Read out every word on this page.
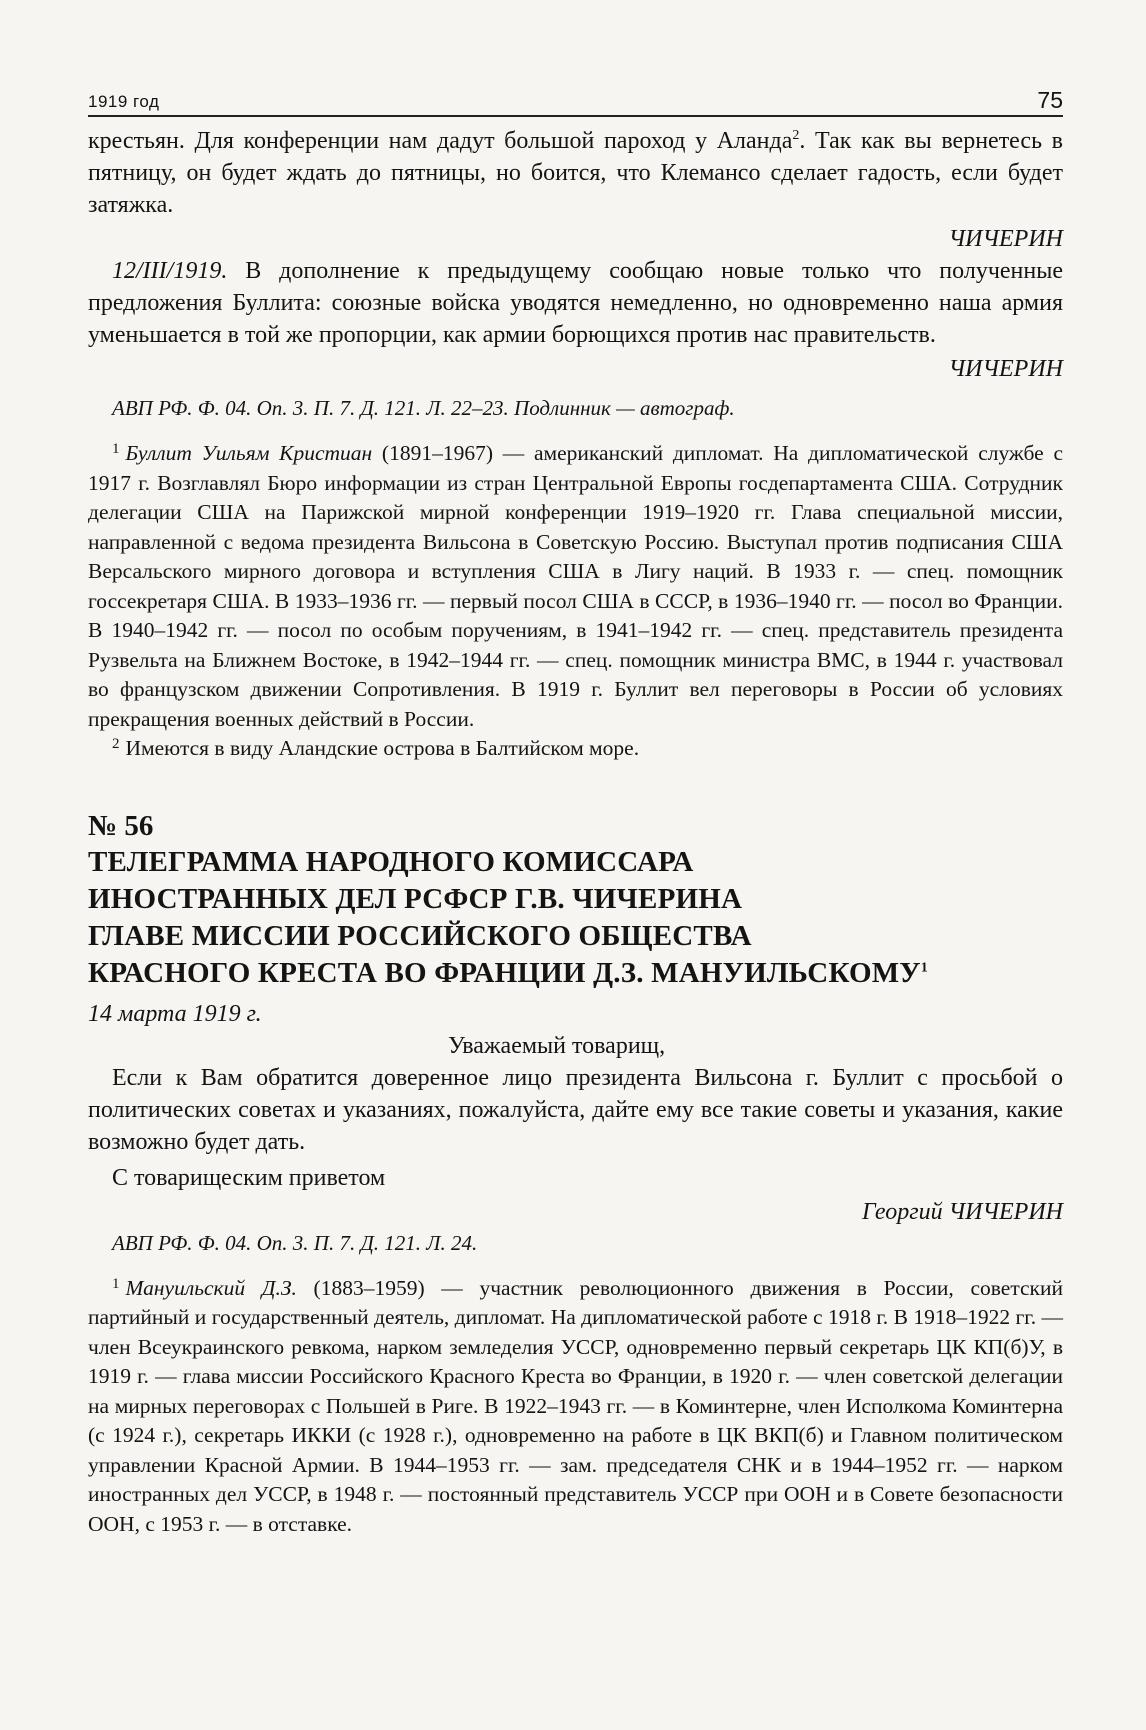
1919 год	75

крестьян. Для конференции нам дадут большой пароход у Аланда$^2$. Так как вы вернетесь в пятницу, он будет ждать до пятницы, но боится, что Клемансо сделает гадость, если будет затяжка.

ЧИЧЕРИН

12/III/1919. В дополнение к предыдущему сообщаю новые только что полученные предложения Буллита: союзные войска уводятся немедленно, но одновременно наша армия уменьшается в той же пропорции, как армии борющихся против нас правительств.

ЧИЧЕРИН

АВП РФ. Ф. 04. Оп. 3. П. 7. Д. 121. Л. 22–23. Подлинник — автограф.

$^1$ Буллит Уильям Кристиан (1891–1967) — американский дипломат. На дипломатической службе с 1917 г. Возглавлял Бюро информации из стран Центральной Европы госдепартамента США. Сотрудник делегации США на Парижской мирной конференции 1919–1920 гг. Глава специальной миссии, направленной с ведома президента Вильсона в Советскую Россию. Выступал против подписания США Версальского мирного договора и вступления США в Лигу наций. В 1933 г. — спец. помощник госсекретаря США. В 1933–1936 гг. — первый посол США в СССР, в 1936–1940 гг. — посол во Франции. В 1940–1942 гг. — посол по особым поручениям, в 1941–1942 гг. — спец. представитель президента Рузвельта на Ближнем Востоке, в 1942–1944 гг. — спец. помощник министра ВМС, в 1944 г. участвовал во французском движении Сопротивления. В 1919 г. Буллит вел переговоры в России об условиях прекращения военных действий в России.

$^2$ Имеются в виду Аландские острова в Балтийском море.

№ 56

ТЕЛЕГРАММА НАРОДНОГО КОМИССАРА

ИНОСТРАННЫХ ДЕЛ РСФСР Г.В. ЧИЧЕРИНА

ГЛАВЕ МИССИИ РОССИЙСКОГО ОБЩЕСТВА

КРАСНОГО КРЕСТА ВО ФРАНЦИИ Д.З. МАНУИЛЬСКОМУ$^1$

14 марта 1919 г.

Уважаемый товарищ,

Если к Вам обратится доверенное лицо президента Вильсона г. Буллит с просьбой о политических советах и указаниях, пожалуйста, дайте ему все такие советы и указания, какие возможно будет дать.

С товарищеским приветом

Георгий ЧИЧЕРИН

АВП РФ. Ф. 04. Оп. 3. П. 7. Д. 121. Л. 24.

$^1$ Мануильский Д.З. (1883–1959) — участник революционного движения в России, советский партийный и государственный деятель, дипломат. На дипломатической работе с 1918 г. В 1918–1922 гг. — член Всеукраинского ревкома, нарком земледелия УССР, одновременно первый секретарь ЦК КП(б)У, в 1919 г. — глава миссии Российского Красного Креста во Франции, в 1920 г. — член советской делегации на мирных переговорах с Польшей в Риге. В 1922–1943 гг. — в Коминтерне, член Исполкома Коминтерна (с 1924 г.), секретарь ИККИ (с 1928 г.), одновременно на работе в ЦК ВКП(б) и Главном политическом управлении Красной Армии. В 1944–1953 гг. — зам. председателя СНК и в 1944–1952 гг. — нарком иностранных дел УССР, в 1948 г. — постоянный представитель УССР при ООН и в Совете безопасности ООН, с 1953 г. — в отставке.
